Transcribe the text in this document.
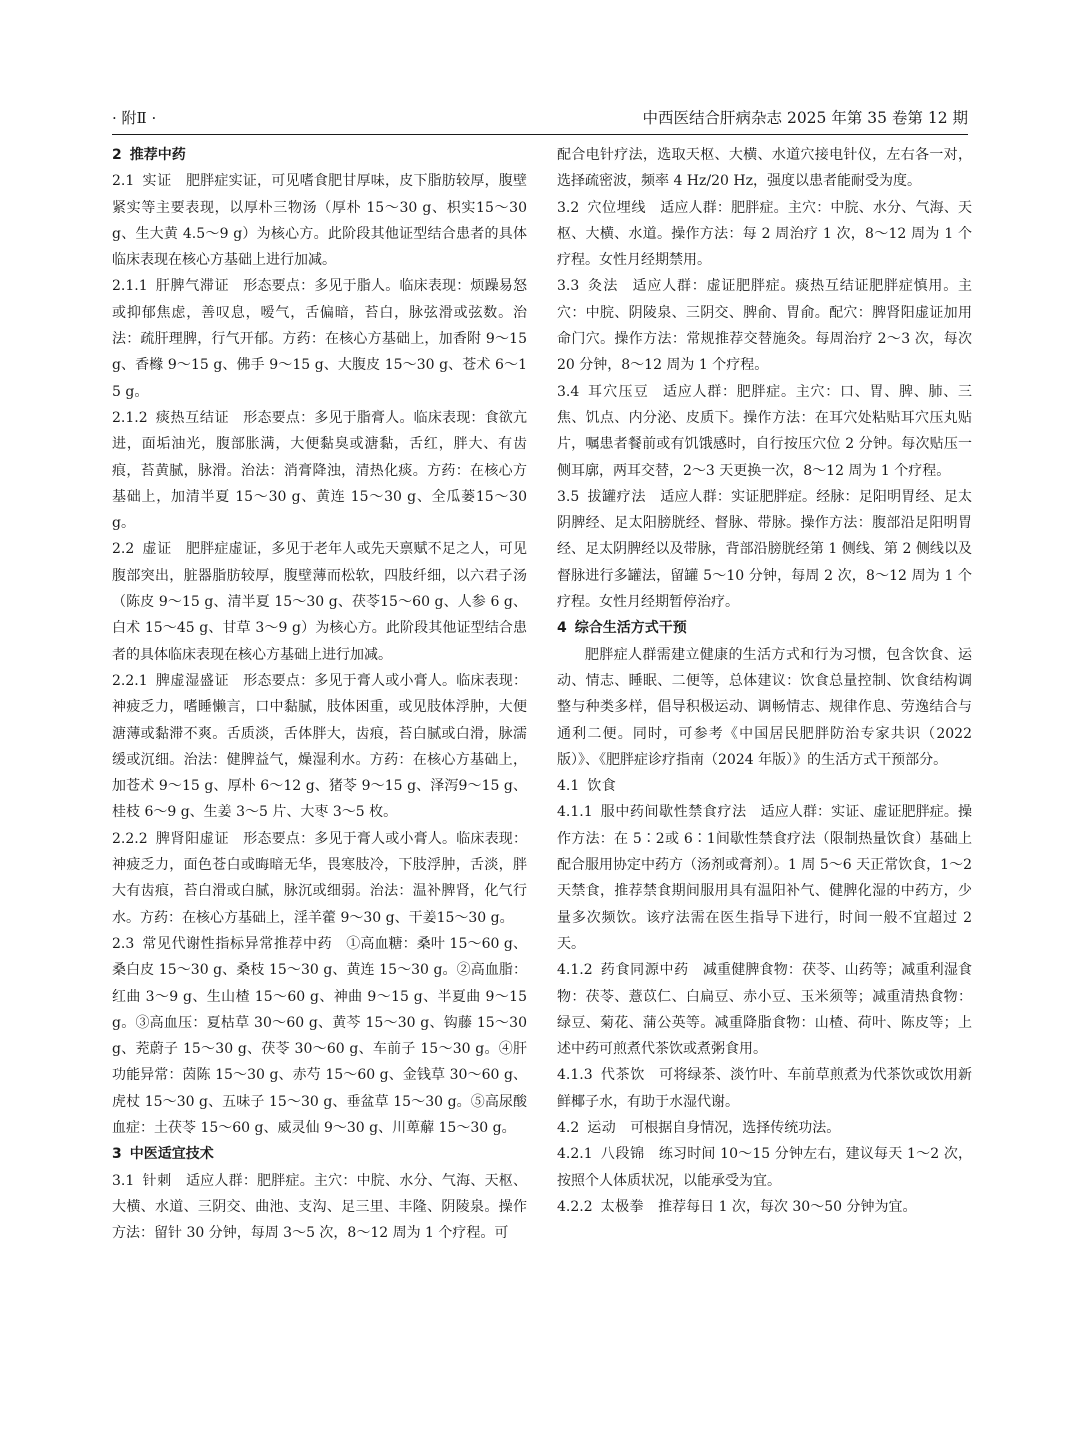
· 附Ⅱ ·	中西医结合肝病杂志 2025 年第 35 卷第 12 期

2 推荐中药

2.1 实证 肥胖症实证，可见嗜食肥甘厚味，皮下脂肪较厚，腹壁紧实等主要表现，以厚朴三物汤（厚朴 15～30 g、枳实15～30 g、生大黄 4.5～9 g）为核心方。此阶段其他证型结合患者的具体临床表现在核心方基础上进行加减。

2.1.1 肝脾气滞证 形态要点：多见于脂人。临床表现：烦躁易怒或抑郁焦虑，善叹息，嗳气，舌偏暗，苔白，脉弦滑或弦数。治法：疏肝理脾，行气开郁。方药：在核心方基础上，加香附 9～15 g、香橼 9～15 g、佛手 9～15 g、大腹皮 15～30 g、苍术 6～15 g。

2.1.2 痰热互结证 形态要点：多见于脂膏人。临床表现：食欲亢进，面垢油光，腹部胀满，大便黏臭或溏黏，舌红，胖大、有齿痕，苔黄腻，脉滑。治法：消膏降浊，清热化痰。方药：在核心方基础上，加清半夏 15～30 g、黄连 15～30 g、全瓜蒌15～30 g。

2.2 虚证 肥胖症虚证，多见于老年人或先天禀赋不足之人，可见腹部突出，脏器脂肪较厚，腹壁薄而松软，四肢纤细，以六君子汤（陈皮 9～15 g、清半夏 15～30 g、茯苓15～60 g、人参 6 g、白术 15～45 g、甘草 3～9 g）为核心方。此阶段其他证型结合患者的具体临床表现在核心方基础上进行加减。

2.2.1 脾虚湿盛证 形态要点：多见于膏人或小膏人。临床表现：神疲乏力，嗜睡懒言，口中黏腻，肢体困重，或见肢体浮肿，大便溏薄或黏滞不爽。舌质淡，舌体胖大，齿痕，苔白腻或白滑，脉濡缓或沉细。治法：健脾益气，燥湿利水。方药：在核心方基础上，加苍术 9～15 g、厚朴 6～12 g、猪苓 9～15 g、泽泻9～15 g、桂枝 6～9 g、生姜 3～5 片、大枣 3～5 枚。

2.2.2 脾肾阳虚证 形态要点：多见于膏人或小膏人。临床表现：神疲乏力，面色苍白或晦暗无华，畏寒肢冷，下肢浮肿，舌淡，胖大有齿痕，苔白滑或白腻，脉沉或细弱。治法：温补脾肾，化气行水。方药：在核心方基础上，淫羊藿 9～30 g、干姜15～30 g。

2.3 常见代谢性指标异常推荐中药 ①高血糖：桑叶 15～60 g、桑白皮 15～30 g、桑枝 15～30 g、黄连 15～30 g。②高血脂：红曲 3～9 g、生山楂 15～60 g、神曲 9～15 g、半夏曲 9～15 g。③高血压：夏枯草 30～60 g、黄芩 15～30 g、钩藤 15～30 g、茺蔚子 15～30 g、茯苓 30～60 g、车前子 15～30 g。④肝功能异常：茵陈 15～30 g、赤芍 15～60 g、金钱草 30～60 g、虎杖 15～30 g、五味子 15～30 g、垂盆草 15～30 g。⑤高尿酸血症：土茯苓 15～60 g、威灵仙 9～30 g、川萆薢 15～30 g。

3 中医适宜技术

3.1 针刺 适应人群：肥胖症。主穴：中脘、水分、气海、天枢、大横、水道、三阴交、曲池、支沟、足三里、丰隆、阴陵泉。操作方法：留针 30 分钟，每周 3～5 次，8～12 周为 1 个疗程。可

配合电针疗法，选取天枢、大横、水道穴接电针仪，左右各一对，选择疏密波，频率 4 Hz/20 Hz，强度以患者能耐受为度。

3.2 穴位埋线 适应人群：肥胖症。主穴：中脘、水分、气海、天枢、大横、水道。操作方法：每 2 周治疗 1 次，8～12 周为 1 个疗程。女性月经期禁用。

3.3 灸法 适应人群：虚证肥胖症。痰热互结证肥胖症慎用。主穴：中脘、阴陵泉、三阴交、脾俞、胃俞。配穴：脾肾阳虚证加用命门穴。操作方法：常规推荐交替施灸。每周治疗 2～3 次，每次 20 分钟，8～12 周为 1 个疗程。

3.4 耳穴压豆 适应人群：肥胖症。主穴：口、胃、脾、肺、三焦、饥点、内分泌、皮质下。操作方法：在耳穴处粘贴耳穴压丸贴片，嘱患者餐前或有饥饿感时，自行按压穴位 2 分钟。每次贴压一侧耳廓，两耳交替，2～3 天更换一次，8～12 周为 1 个疗程。

3.5 拔罐疗法 适应人群：实证肥胖症。经脉：足阳明胃经、足太阴脾经、足太阳膀胱经、督脉、带脉。操作方法：腹部沿足阳明胃经、足太阴脾经以及带脉，背部沿膀胱经第 1 侧线、第 2 侧线以及督脉进行多罐法，留罐 5～10 分钟，每周 2 次，8～12 周为 1 个疗程。女性月经期暂停治疗。

4 综合生活方式干预

肥胖症人群需建立健康的生活方式和行为习惯，包含饮食、运动、情志、睡眠、二便等，总体建议：饮食总量控制、饮食结构调整与种类多样，倡导积极运动、调畅情志、规律作息、劳逸结合与通利二便。同时，可参考《中国居民肥胖防治专家共识（2022 版）》、《肥胖症诊疗指南（2024 年版）》的生活方式干预部分。

4.1 饮食

4.1.1 服中药间歇性禁食疗法 适应人群：实证、虚证肥胖症。操作方法：在 5∶2或 6∶1间歇性禁食疗法（限制热量饮食）基础上配合服用协定中药方（汤剂或膏剂）。1 周 5～6 天正常饮食，1～2 天禁食，推荐禁食期间服用具有温阳补气、健脾化湿的中药方，少量多次频饮。该疗法需在医生指导下进行，时间一般不宜超过 2 天。

4.1.2 药食同源中药 减重健脾食物：茯苓、山药等；减重利湿食物：茯苓、薏苡仁、白扁豆、赤小豆、玉米须等；减重清热食物：绿豆、菊花、蒲公英等。减重降脂食物：山楂、荷叶、陈皮等；上述中药可煎煮代茶饮或煮粥食用。

4.1.3 代茶饮 可将绿茶、淡竹叶、车前草煎煮为代茶饮或饮用新鲜椰子水，有助于水湿代谢。

4.2 运动 可根据自身情况，选择传统功法。

4.2.1 八段锦 练习时间 10～15 分钟左右，建议每天 1～2 次，按照个人体质状况，以能承受为宜。

4.2.2 太极拳 推荐每日 1 次，每次 30～50 分钟为宜。
